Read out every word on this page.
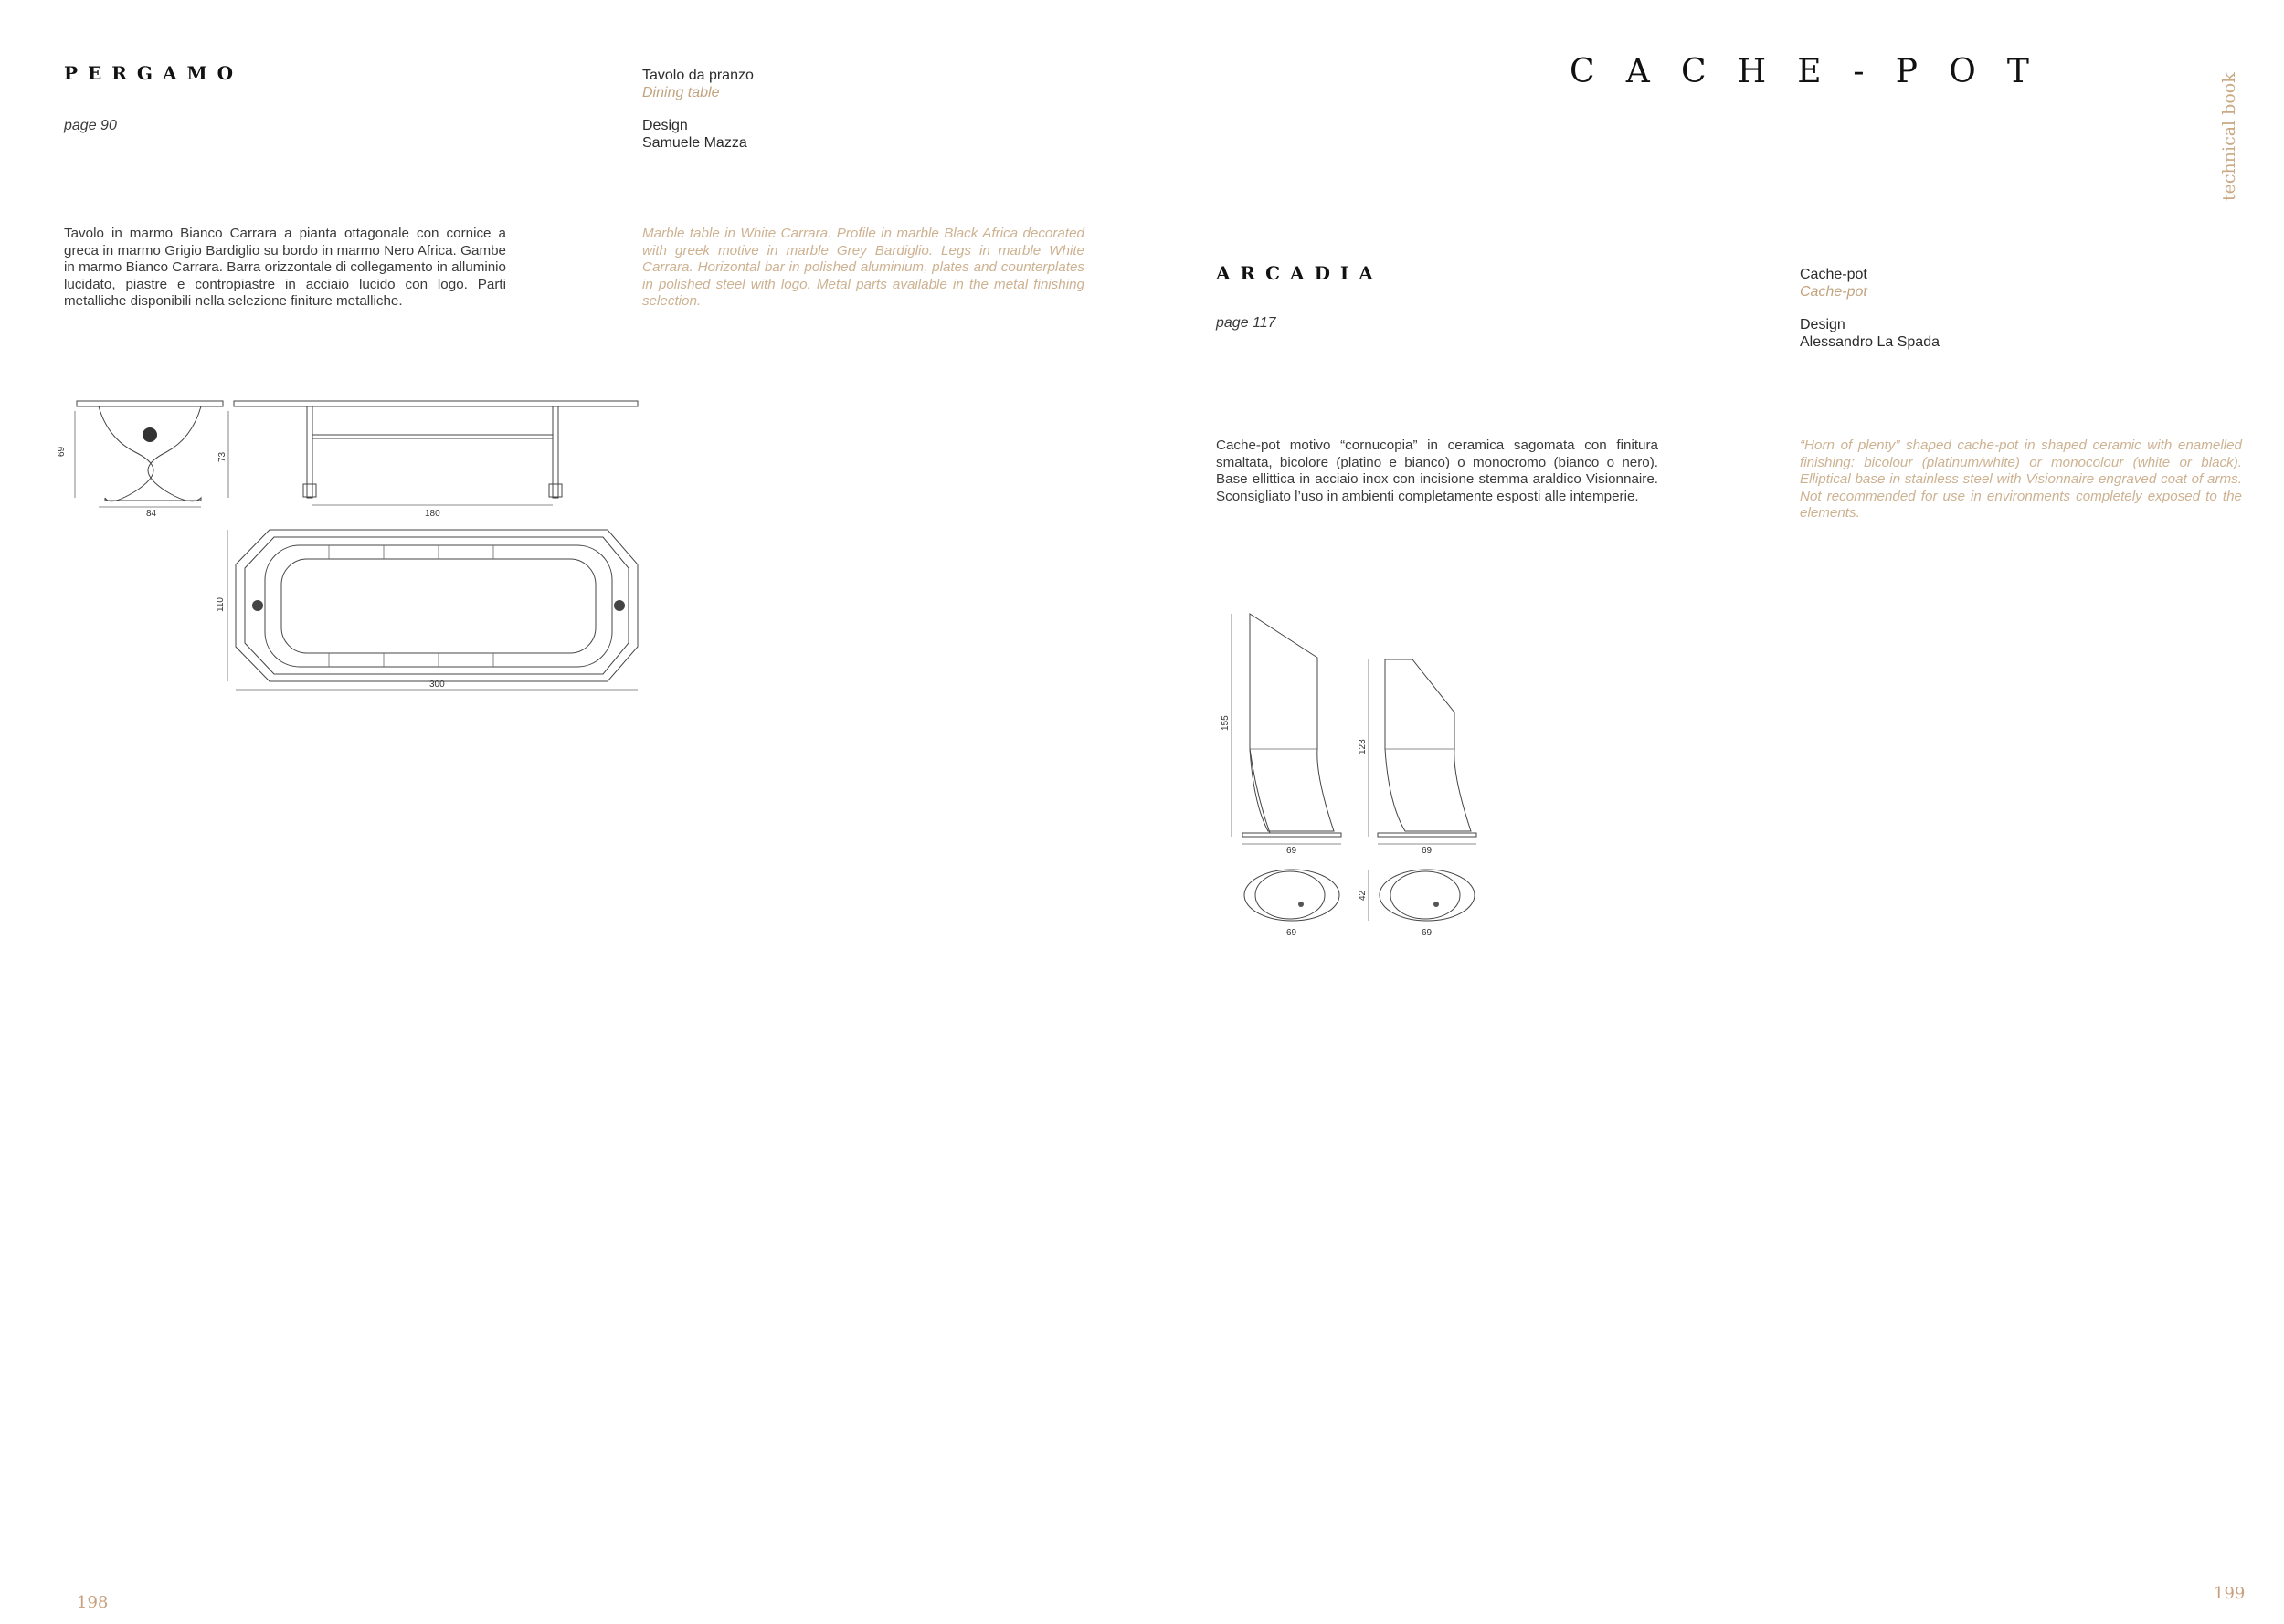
PERGAMO
page 90
Tavolo da pranzo
Dining table
Design
Samuele Mazza
Tavolo in marmo Bianco Carrara a pianta ottagonale con cornice a greca in marmo Grigio Bardiglio su bordo in marmo Nero Africa. Gambe in marmo Bianco Carrara. Barra orizzontale di collegamento in alluminio lucidato, piastre e contropiastre in acciaio lucido con logo. Parti metalliche disponibili nella selezione finiture metalliche.
Marble table in White Carrara. Profile in marble Black Africa decorated with greek motive in marble Grey Bardiglio. Legs in marble White Carrara. Horizontal bar in polished aluminium, plates and counterplates in polished steel with logo. Metal parts available in the metal finishing selection.
69
84
73
180
110
300
198
CACHE-POT
technical book
ARCADIA
page 117
Cache-pot
Cache-pot
Design
Alessandro La Spada
Cache-pot motivo “cornucopia” in ceramica sagomata con finitura smaltata, bicolore (platino e bianco) o monocromo (bianco o nero). Base ellittica in acciaio inox con incisione stemma araldico Visionnaire. Sconsigliato l’uso in ambienti completamente esposti alle intemperie.
“Horn of plenty” shaped cache-pot in shaped ceramic with enamelled finishing: bicolour (platinum/white) or monocolour (white or black). Elliptical base in stainless steel with Visionnaire engraved coat of arms. Not recommended for use in environments completely exposed to the elements.
155
69
123
69
42
69	69
199
